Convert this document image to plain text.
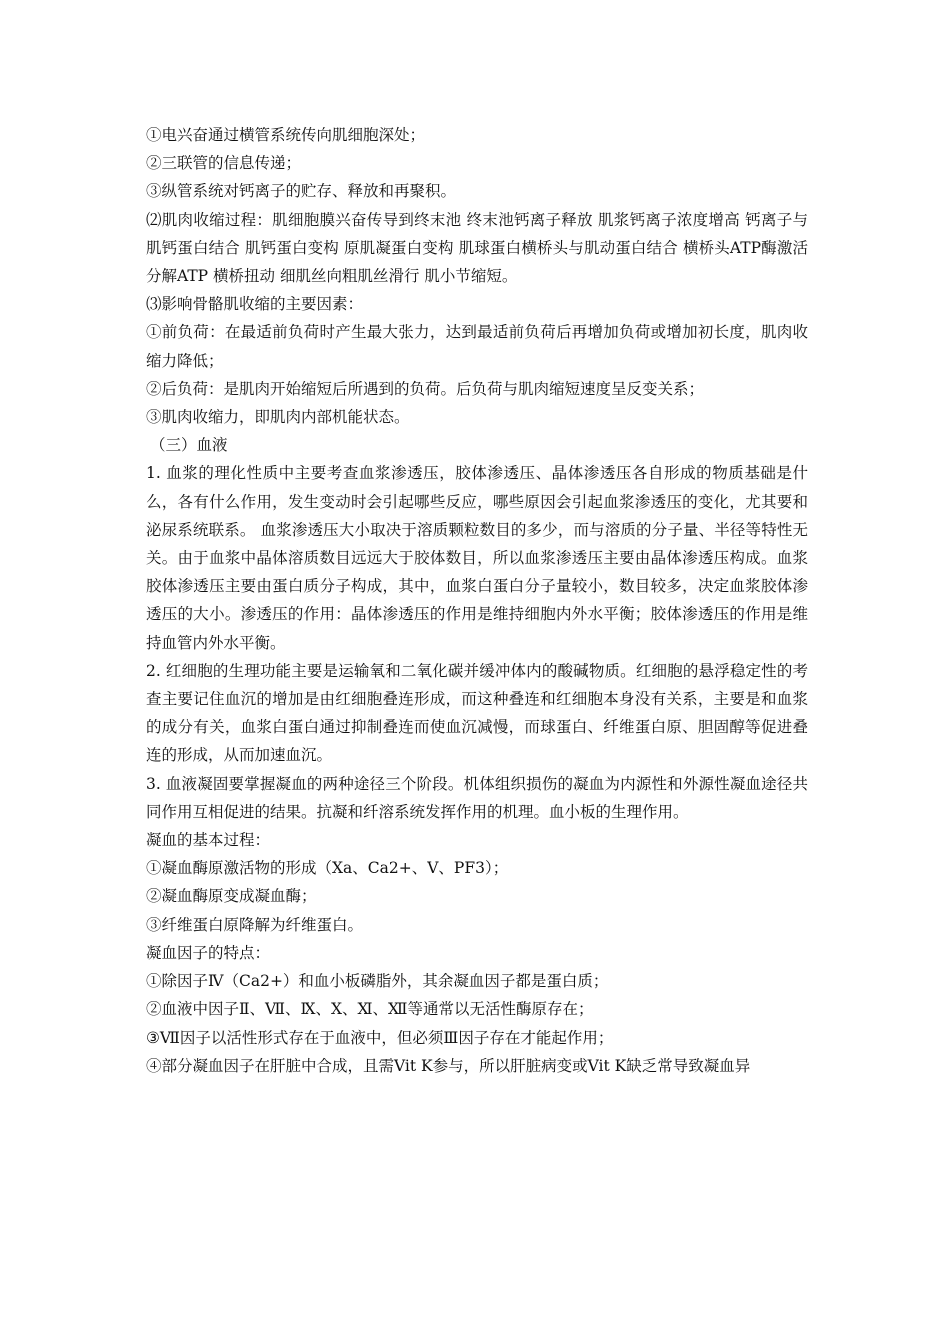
①电兴奋通过横管系统传向肌细胞深处；

②三联管的信息传递；

③纵管系统对钙离子的贮存、释放和再聚积。

⑵肌肉收缩过程：肌细胞膜兴奋传导到终末池 终末池钙离子释放 肌浆钙离子浓度增高 钙离子与肌钙蛋白结合 肌钙蛋白变构 原肌凝蛋白变构 肌球蛋白横桥头与肌动蛋白结合 横桥头ATP酶激活分解ATP 横桥扭动 细肌丝向粗肌丝滑行 肌小节缩短。

⑶影响骨骼肌收缩的主要因素：

①前负荷：在最适前负荷时产生最大张力，达到最适前负荷后再增加负荷或增加初长度，肌肉收缩力降低；

②后负荷：是肌肉开始缩短后所遇到的负荷。后负荷与肌肉缩短速度呈反变关系；

③肌肉收缩力，即肌肉内部机能状态。

（三）血液

1. 血浆的理化性质中主要考查血浆渗透压，胶体渗透压、晶体渗透压各自形成的物质基础是什么，各有什么作用，发生变动时会引起哪些反应，哪些原因会引起血浆渗透压的变化，尤其要和泌尿系统联系。 血浆渗透压大小取决于溶质颗粒数目的多少，而与溶质的分子量、半径等特性无关。由于血浆中晶体溶质数目远远大于胶体数目，所以血浆渗透压主要由晶体渗透压构成。血浆胶体渗透压主要由蛋白质分子构成，其中，血浆白蛋白分子量较小，数目较多，决定血浆胶体渗透压的大小。渗透压的作用：晶体渗透压的作用是维持细胞内外水平衡；胶体渗透压的作用是维持血管内外水平衡。

2. 红细胞的生理功能主要是运输氧和二氧化碳并缓冲体内的酸碱物质。红细胞的悬浮稳定性的考查主要记住血沉的增加是由红细胞叠连形成，而这种叠连和红细胞本身没有关系，主要是和血浆的成分有关，血浆白蛋白通过抑制叠连而使血沉减慢，而球蛋白、纤维蛋白原、胆固醇等促进叠连的形成，从而加速血沉。

3. 血液凝固要掌握凝血的两种途径三个阶段。机体组织损伤的凝血为内源性和外源性凝血途径共同作用互相促进的结果。抗凝和纤溶系统发挥作用的机理。血小板的生理作用。

凝血的基本过程：

①凝血酶原激活物的形成（Xa、Ca2+、V、PF3）；

②凝血酶原变成凝血酶；

③纤维蛋白原降解为纤维蛋白。

凝血因子的特点：

①除因子Ⅳ（Ca2+）和血小板磷脂外，其余凝血因子都是蛋白质；

②血液中因子Ⅱ、Ⅶ、Ⅸ、Ⅹ、Ⅺ、Ⅻ等通常以无活性酶原存在；

③Ⅶ因子以活性形式存在于血液中，但必须Ⅲ因子存在才能起作用；

④部分凝血因子在肝脏中合成，且需Vit K参与，所以肝脏病变或Vit K缺乏常导致凝血异
